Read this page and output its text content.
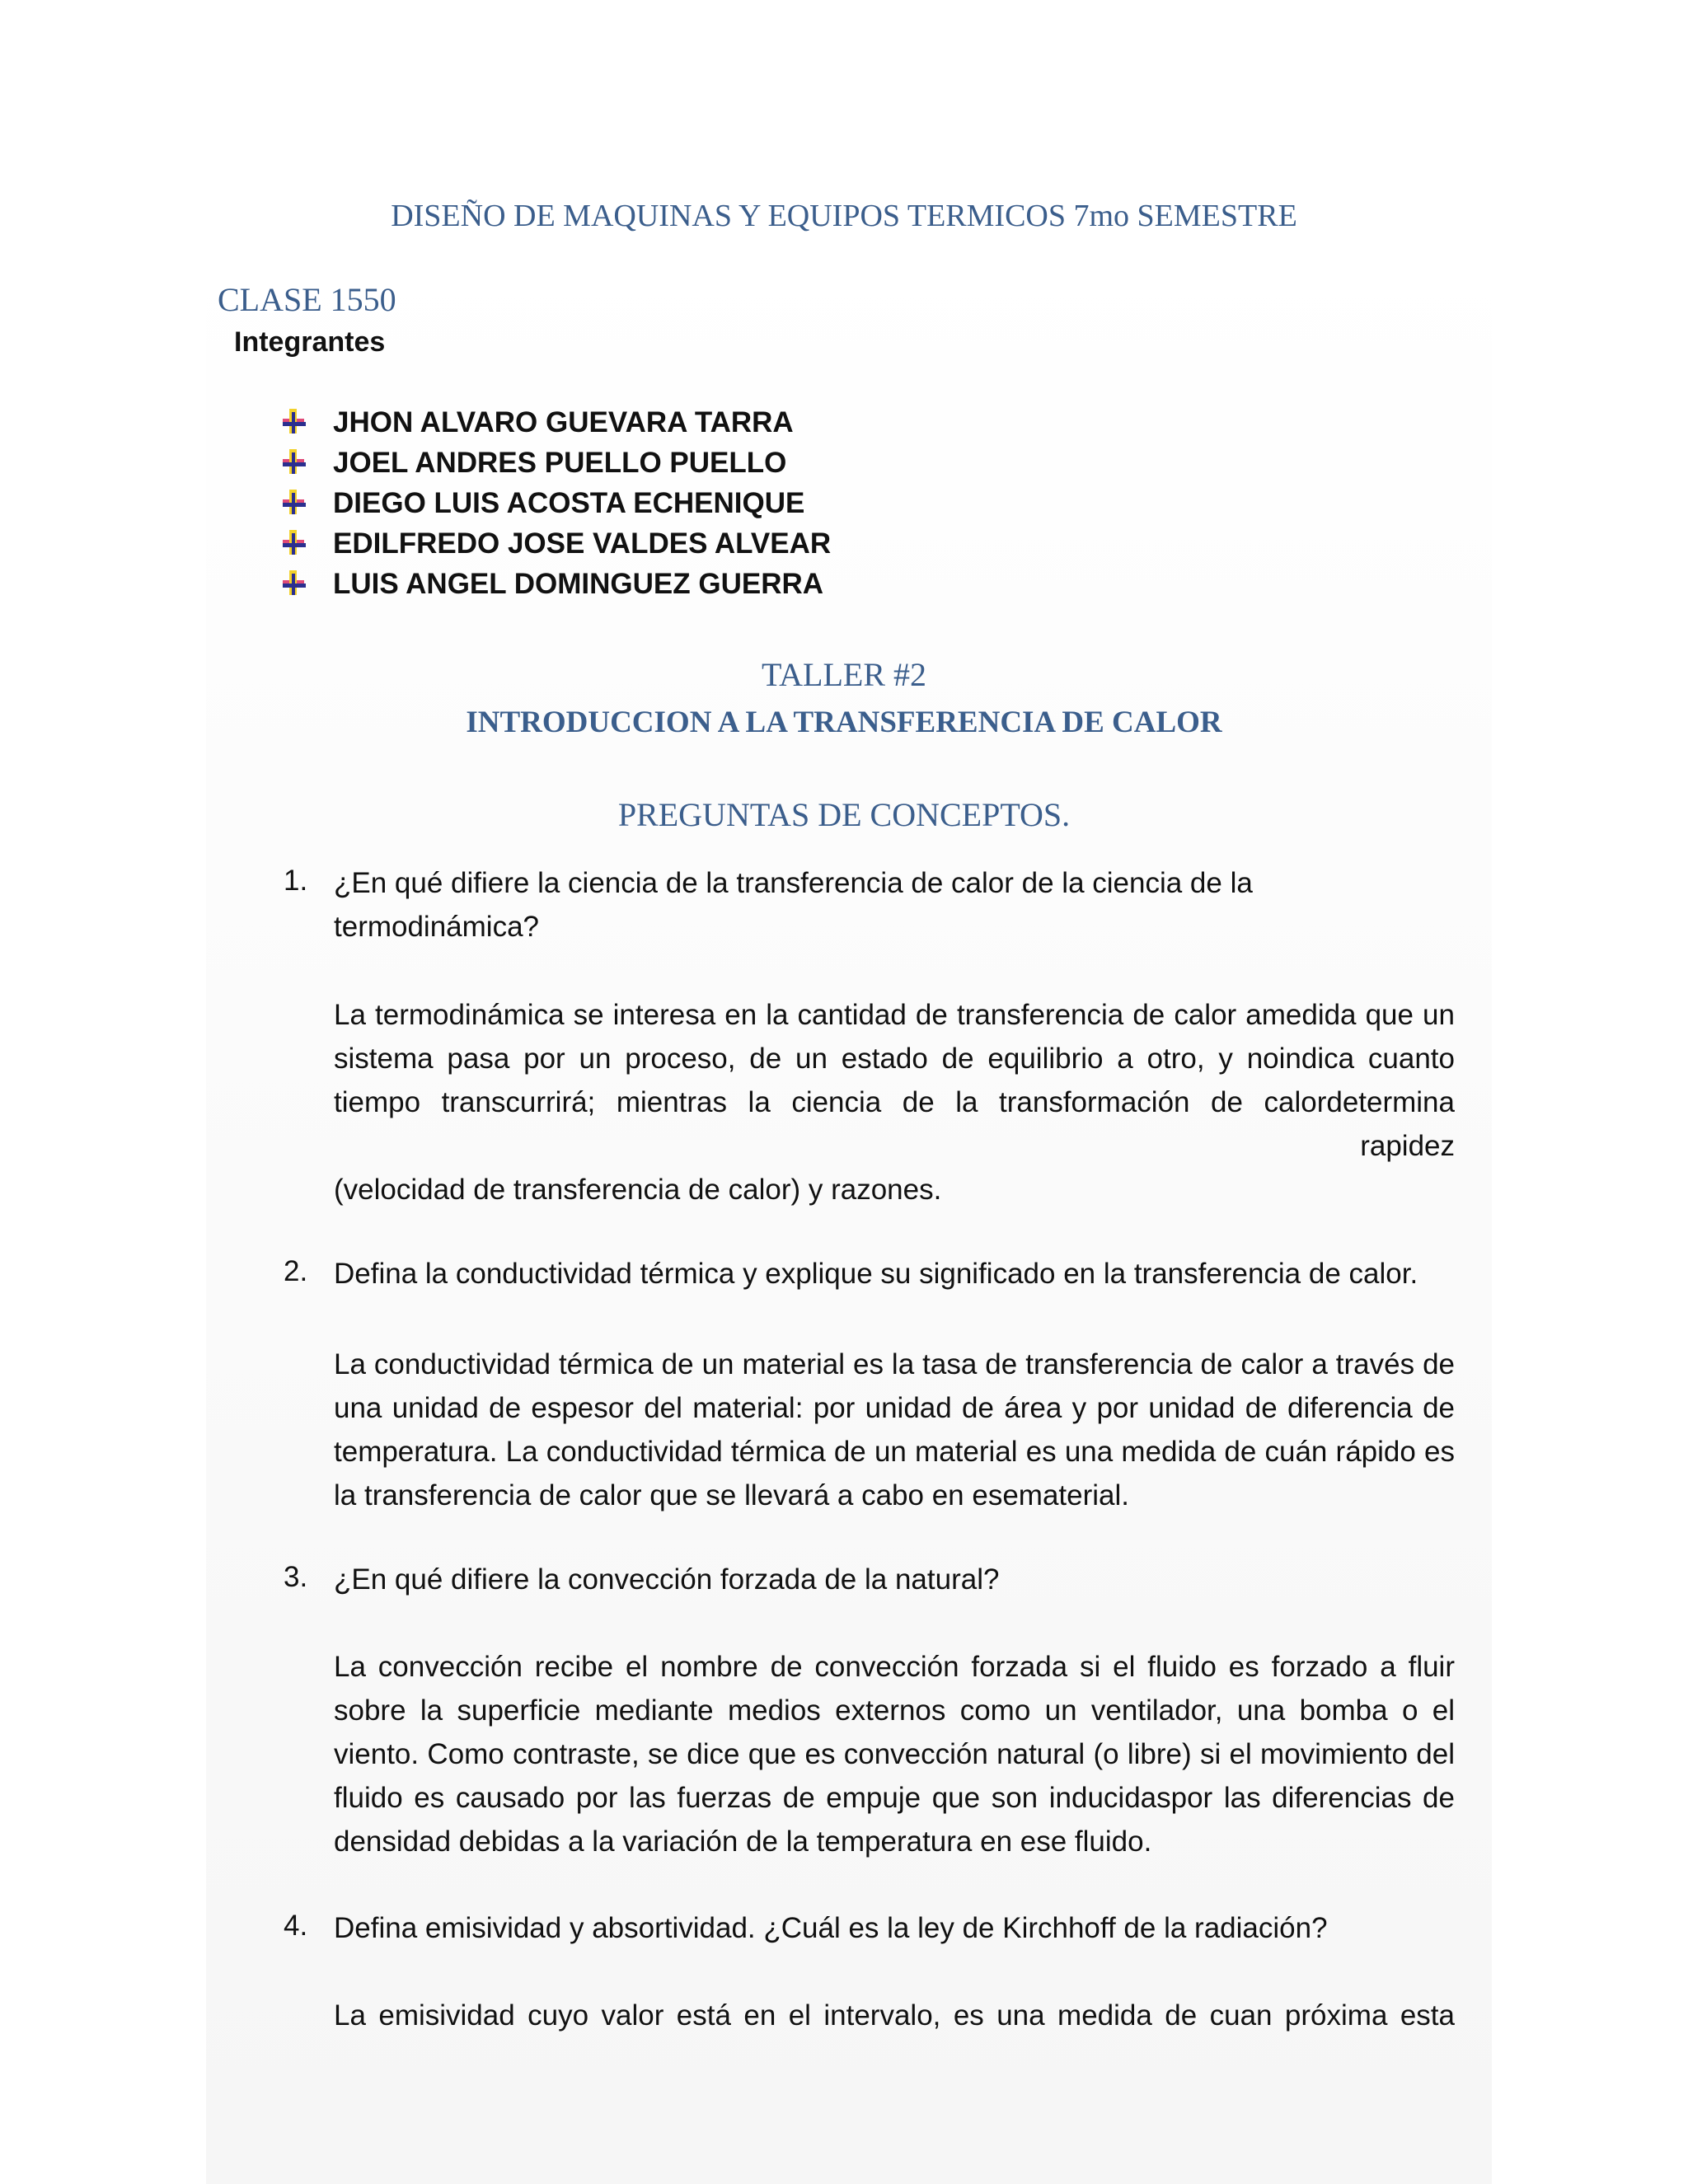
DISEÑO DE MAQUINAS Y EQUIPOS TERMICOS 7mo SEMESTRE
CLASE 1550
Integrantes
JHON ALVARO GUEVARA TARRA
JOEL ANDRES PUELLO PUELLO
DIEGO LUIS ACOSTA ECHENIQUE
EDILFREDO JOSE VALDES ALVEAR
LUIS ANGEL DOMINGUEZ GUERRA
TALLER #2
INTRODUCCION A LA TRANSFERENCIA DE CALOR
PREGUNTAS DE CONCEPTOS.
1. ¿En qué difiere la ciencia de la transferencia de calor de la ciencia de la termodinámica?
La termodinámica se interesa en la cantidad de transferencia de calor amedida que un sistema pasa por un proceso, de un estado de equilibrio a otro, y noindica cuanto tiempo transcurrirá; mientras la ciencia de la transformación de calordetermina
rapidez
(velocidad de transferencia de calor) y razones.
2. Defina la conductividad térmica y explique su significado en la transferencia de calor.
La conductividad térmica de un material es la tasa de transferencia de calor a través de una unidad de espesor del material: por unidad de área y por unidad de diferencia de temperatura. La conductividad térmica de un material es una medida de cuán rápido es la transferencia de calor que se llevará a cabo en esematerial.
3. ¿En qué difiere la convección forzada de la natural?
La convección recibe el nombre de convección forzada si el fluido es forzado a fluir sobre la superficie mediante medios externos como un ventilador, una bomba o el viento. Como contraste, se dice que es convección natural (o libre) si el movimiento del fluido es causado por las fuerzas de empuje que son inducidaspor las diferencias de densidad debidas a la variación de la temperatura en ese fluido.
4. Defina emisividad y absortividad. ¿Cuál es la ley de Kirchhoff de la radiación?
La emisividad cuyo valor está en el intervalo, es una medida de cuan próxima esta
